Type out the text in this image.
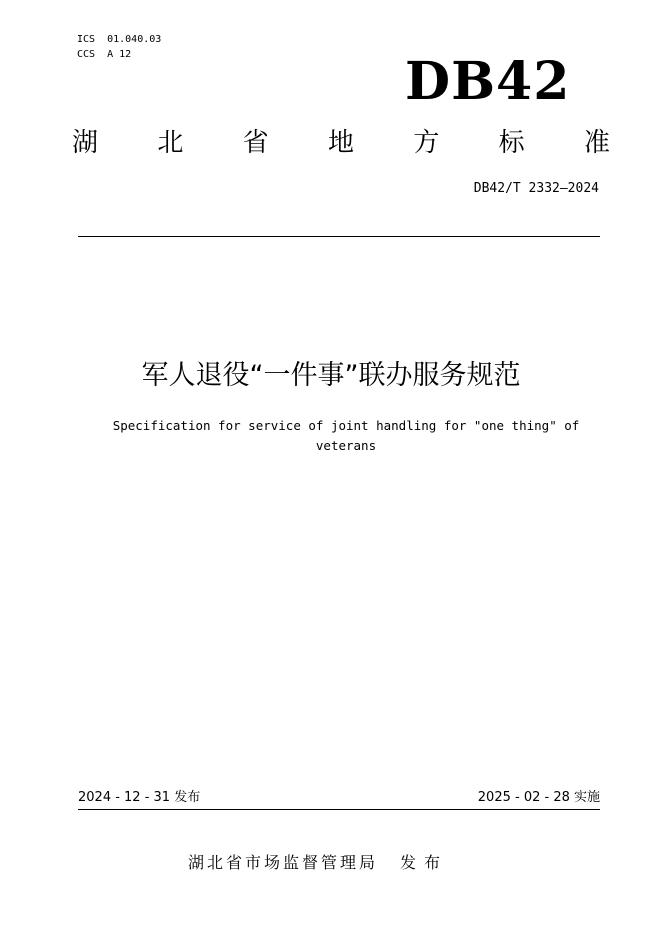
ICS  01.040.03
CCS  A 12	DB42
湖 北 省 地 方 标 准
DB42/T 2332—2024
军人退役“一件事”联办服务规范
Specification for service of joint handling for "one thing" of veterans
2024 - 12 - 31 发布	2025 - 02 - 28 实施
湖北省市场监督管理局 发布
